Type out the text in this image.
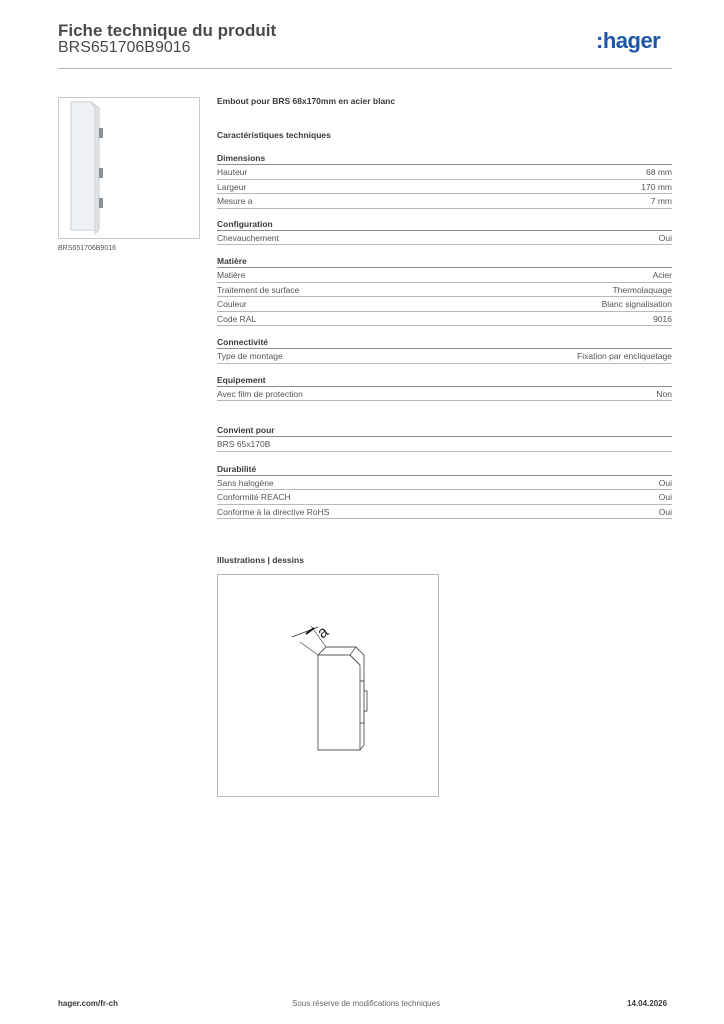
Fiche technique du produit
BRS651706B9016	:hager
BRS651706B9016
Embout pour BRS 68x170mm en acier blanc
Caractéristiques techniques
Dimensions
Hauteur	68 mm
Largeur	170 mm
Mesure a	7 mm
Configuration
Chevauchement	Oui
Matière
Matière	Acier
Traitement de surface	Thermolaquage
Couleur	Blanc signalisation
Code RAL	9016
Connectivité
Type de montage	Fixation par encliquetage
Equipement
Avec film de protection	Non
Convient pour
BRS 65x170B
Durabilité
Sans halogène	Oui
Conformité REACH	Oui
Conforme à la directive RoHS	Oui
Illustrations | dessins
a
hager.com/fr-ch	Sous réserve de modifications techniques	14.04.2026
